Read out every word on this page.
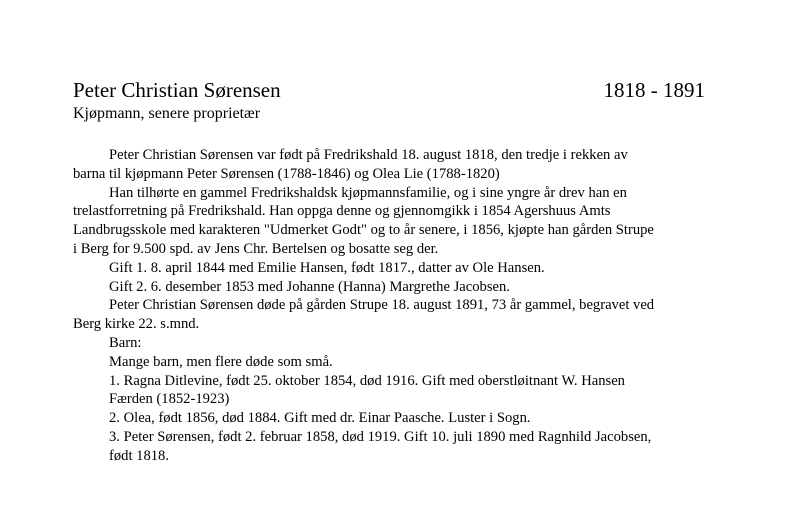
Peter Christian Sørensen	1818 - 1891
Kjøpmann, senere proprietær

Peter Christian Sørensen var født på Fredrikshald 18. august 1818, den tredje i rekken av

barna til kjøpmann Peter Sørensen (1788-1846) og Olea Lie (1788-1820)

Han tilhørte en gammel Fredrikshaldsk kjøpmannsfamilie, og i sine yngre år drev han en

trelastforretning på Fredrikshald. Han oppga denne og gjennomgikk i 1854 Agershuus Amts

Landbrugsskole med karakteren "Udmerket Godt" og to år senere, i 1856, kjøpte han gården Strupe

i Berg for 9.500 spd. av Jens Chr. Bertelsen og bosatte seg der.

Gift 1. 8. april 1844 med Emilie Hansen, født 1817., datter av Ole Hansen.

Gift 2. 6. desember 1853 med Johanne (Hanna) Margrethe Jacobsen.

Peter Christian Sørensen døde på gården Strupe 18. august 1891, 73 år gammel, begravet ved

Berg kirke 22. s.mnd.

Barn:

Mange barn, men flere døde som små.

1. Ragna Ditlevine, født 25. oktober 1854, død 1916. Gift med oberstløitnant W. Hansen

Færden (1852-1923)

2. Olea, født 1856, død 1884. Gift med dr. Einar Paasche. Luster i Sogn.

3. Peter Sørensen, født 2. februar 1858, død 1919. Gift 10. juli 1890 med Ragnhild Jacobsen,

født 1818.
